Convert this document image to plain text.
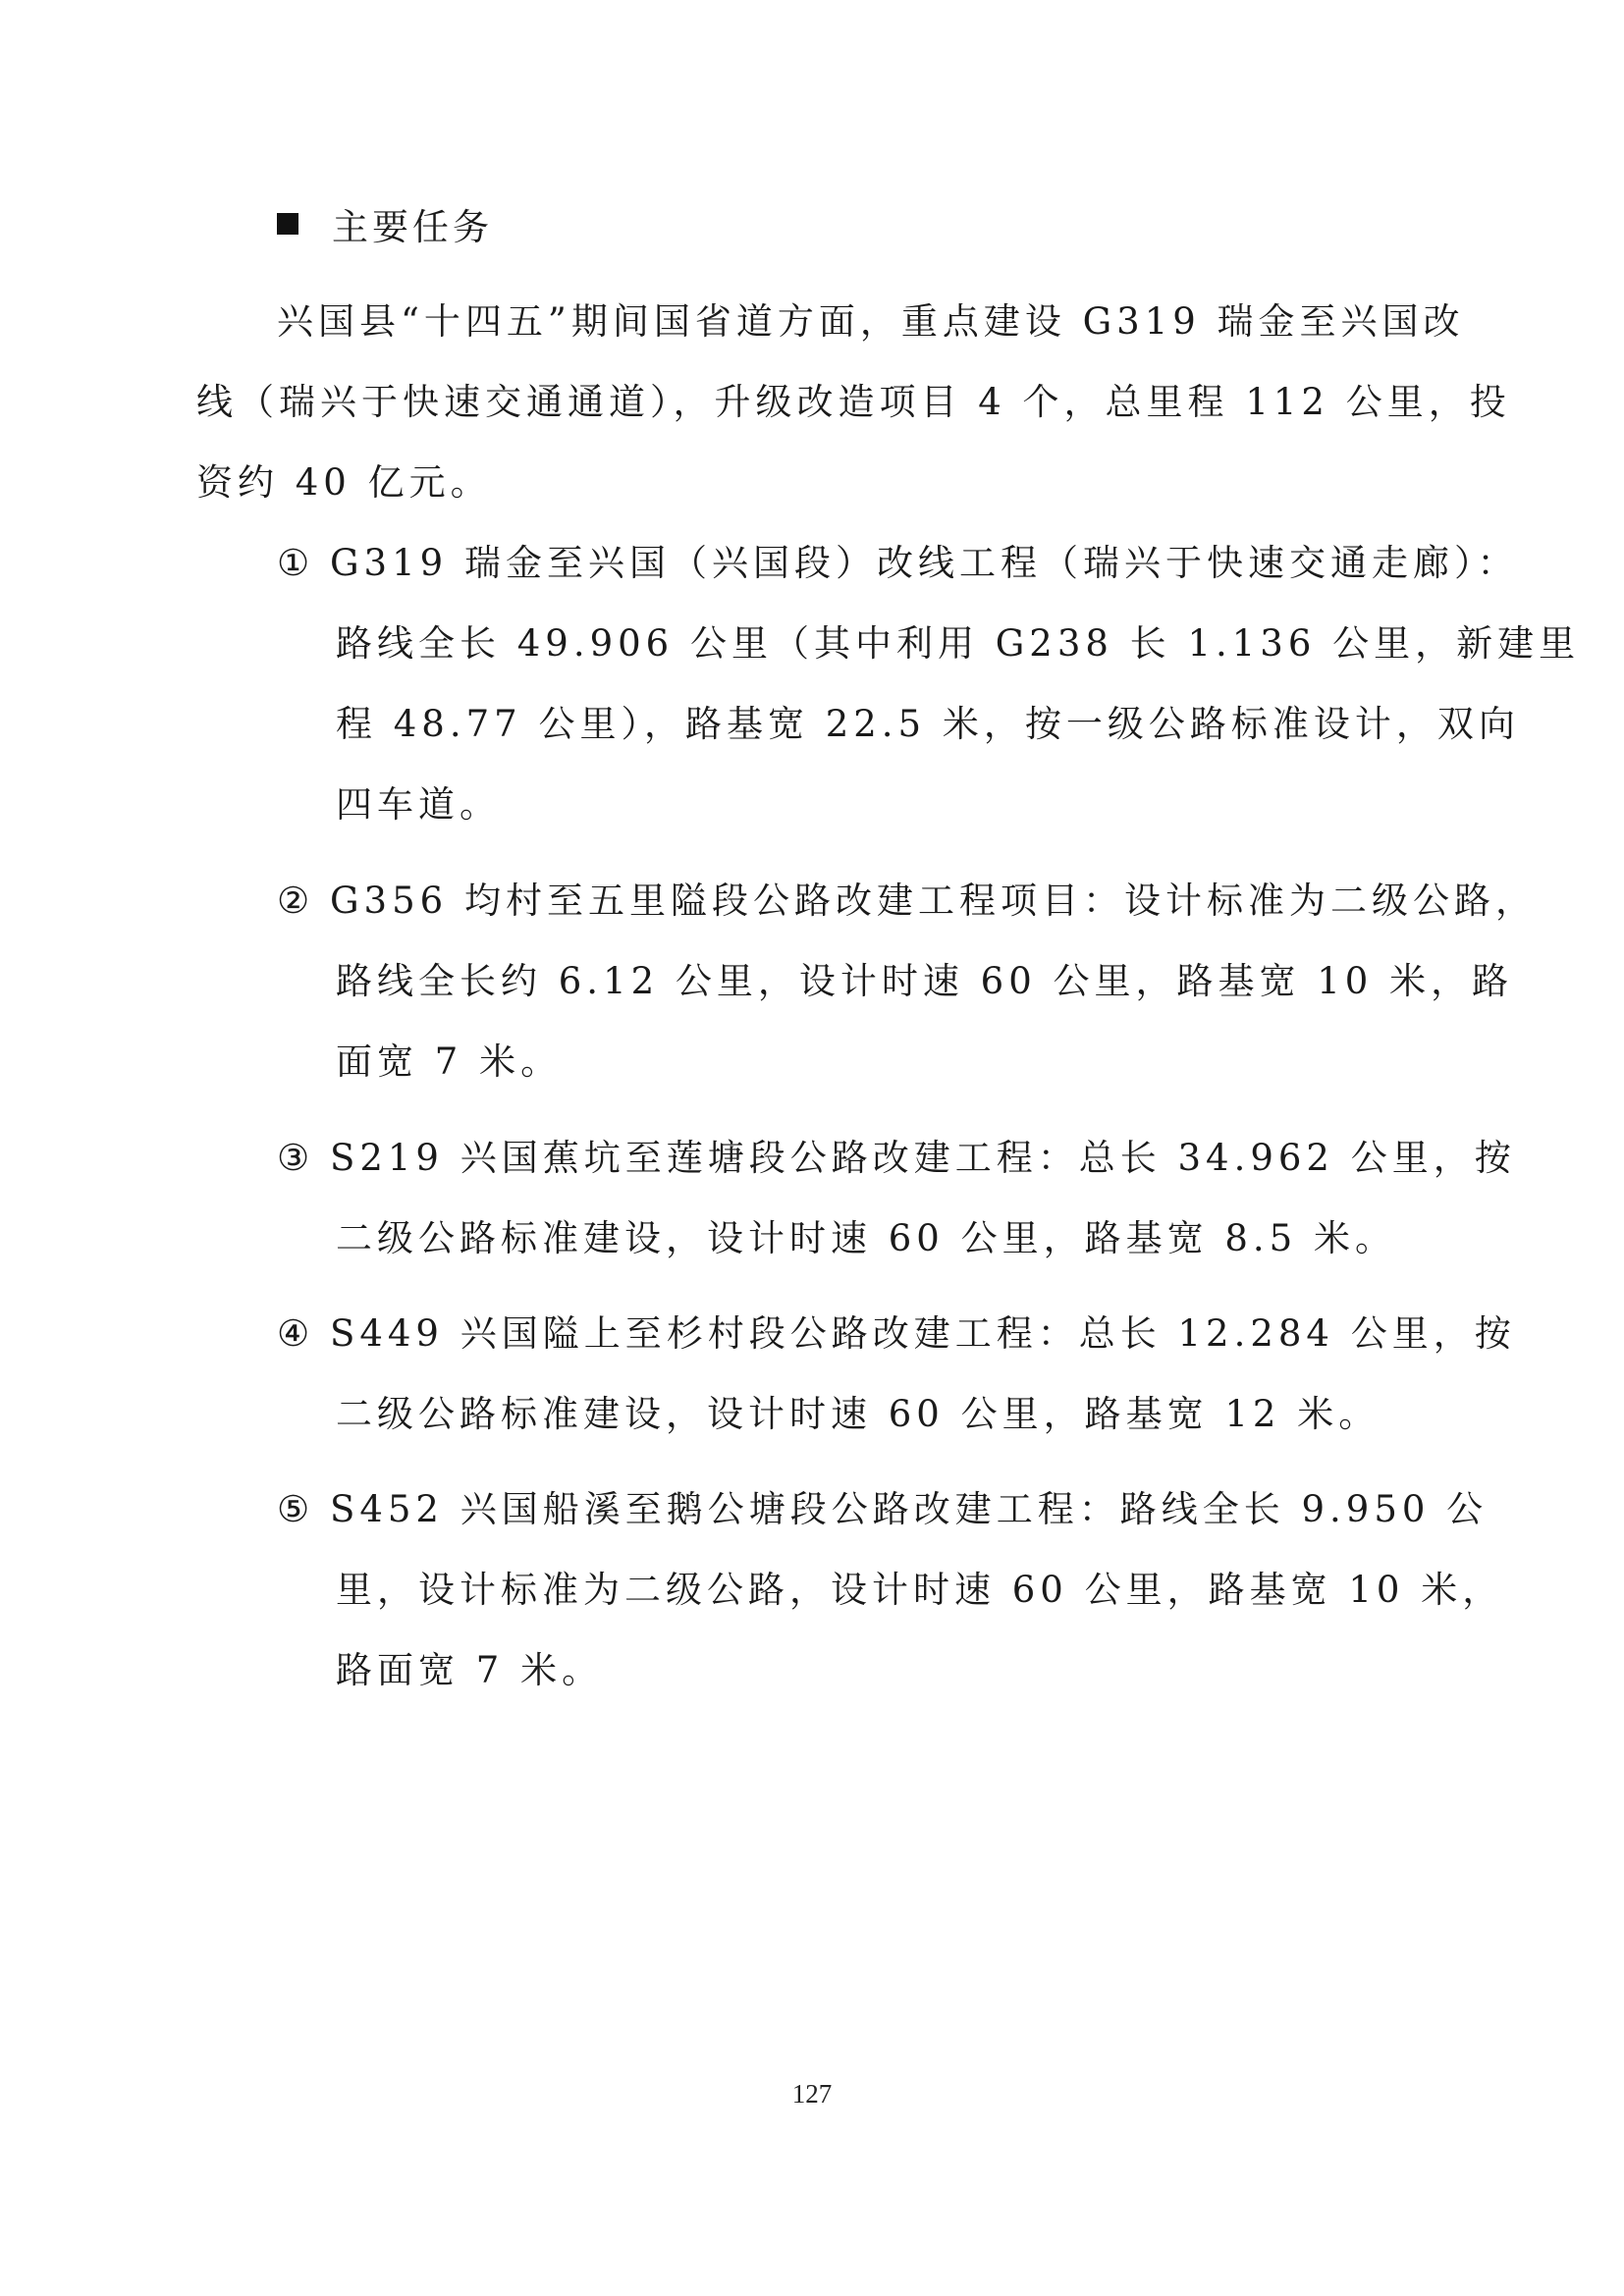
主要任务
兴国县“十四五”期间国省道方面，重点建设 G319 瑞金至兴国改
线（瑞兴于快速交通通道），升级改造项目 4 个，总里程 112 公里，投
资约 40 亿元。
① G319 瑞金至兴国（兴国段）改线工程（瑞兴于快速交通走廊）：
路线全长 49.906 公里（其中利用 G238 长 1.136 公里，新建里
程 48.77 公里），路基宽 22.5 米，按一级公路标准设计，双向
四车道。
② G356 均村至五里隘段公路改建工程项目：设计标准为二级公路，
路线全长约 6.12 公里，设计时速 60 公里，路基宽 10 米，路
面宽 7 米。
③ S219 兴国蕉坑至莲塘段公路改建工程：总长 34.962 公里，按
二级公路标准建设，设计时速 60 公里，路基宽 8.5 米。
④ S449 兴国隘上至杉村段公路改建工程：总长 12.284 公里，按
二级公路标准建设，设计时速 60 公里，路基宽 12 米。
⑤ S452 兴国船溪至鹅公塘段公路改建工程：路线全长 9.950 公
里，设计标准为二级公路，设计时速 60 公里，路基宽 10 米，
路面宽 7 米。
127
